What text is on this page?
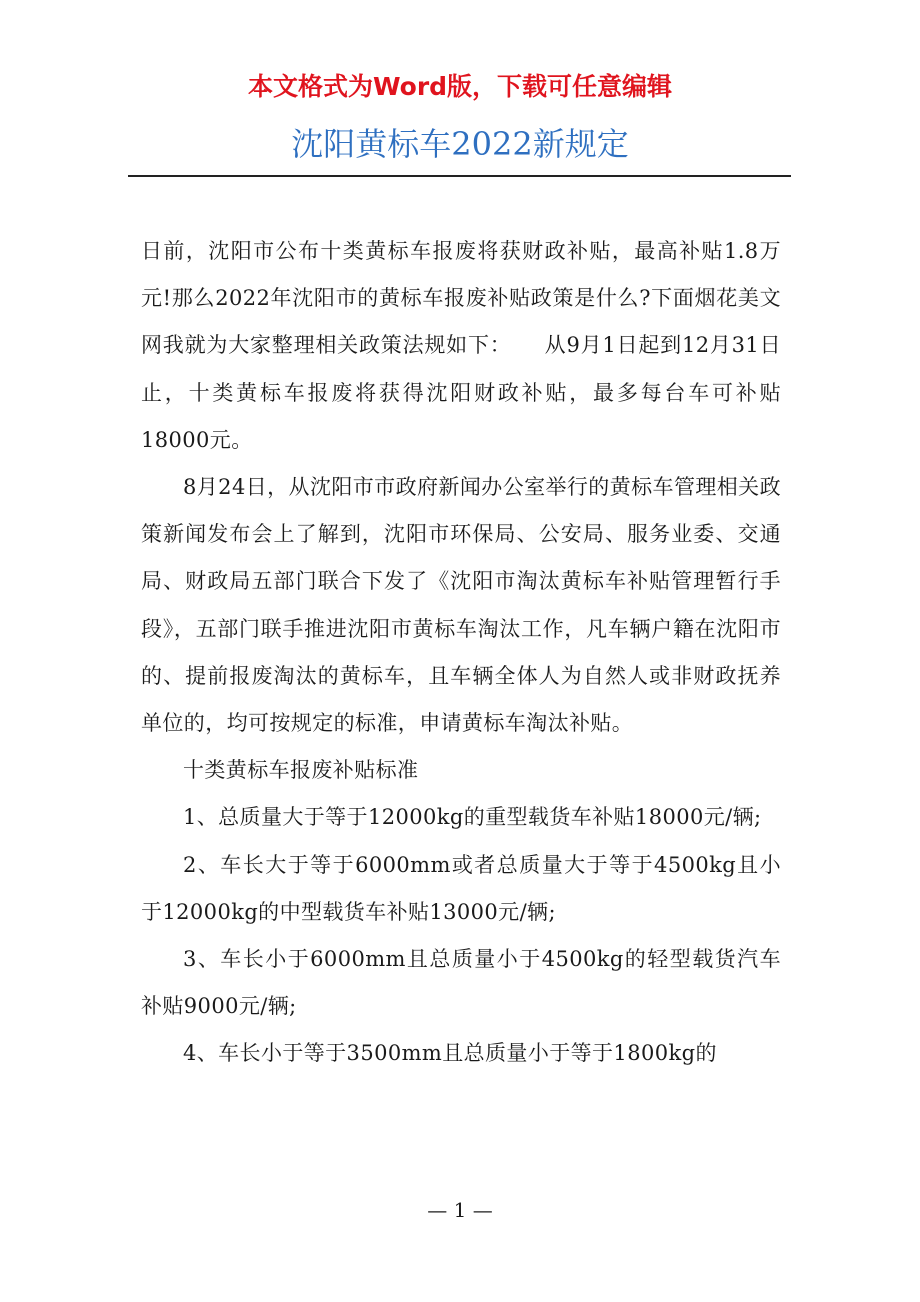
本文格式为Word版，下载可任意编辑
沈阳黄标车2022新规定

日前，沈阳市公布十类黄标车报废将获财政补贴，最高补贴1.8万元!那么2022年沈阳市的黄标车报废补贴政策是什么?下面烟花美文网我就为大家整理相关政策法规如下：　　从9月1日起到12月31日止，十类黄标车报废将获得沈阳财政补贴，最多每台车可补贴18000元。

8月24日，从沈阳市市政府新闻办公室举行的黄标车管理相关政策新闻发布会上了解到，沈阳市环保局、公安局、服务业委、交通局、财政局五部门联合下发了《沈阳市淘汰黄标车补贴管理暂行手段》，五部门联手推进沈阳市黄标车淘汰工作，凡车辆户籍在沈阳市的、提前报废淘汰的黄标车，且车辆全体人为自然人或非财政抚养单位的，均可按规定的标准，申请黄标车淘汰补贴。

十类黄标车报废补贴标准

1、总质量大于等于12000kg的重型载货车补贴18000元/辆;

2、车长大于等于6000mm或者总质量大于等于4500kg且小于12000kg的中型载货车补贴13000元/辆;

3、车长小于6000mm且总质量小于4500kg的轻型载货汽车补贴9000元/辆;

4、车长小于等于3500mm且总质量小于等于1800kg的

— 1 —
